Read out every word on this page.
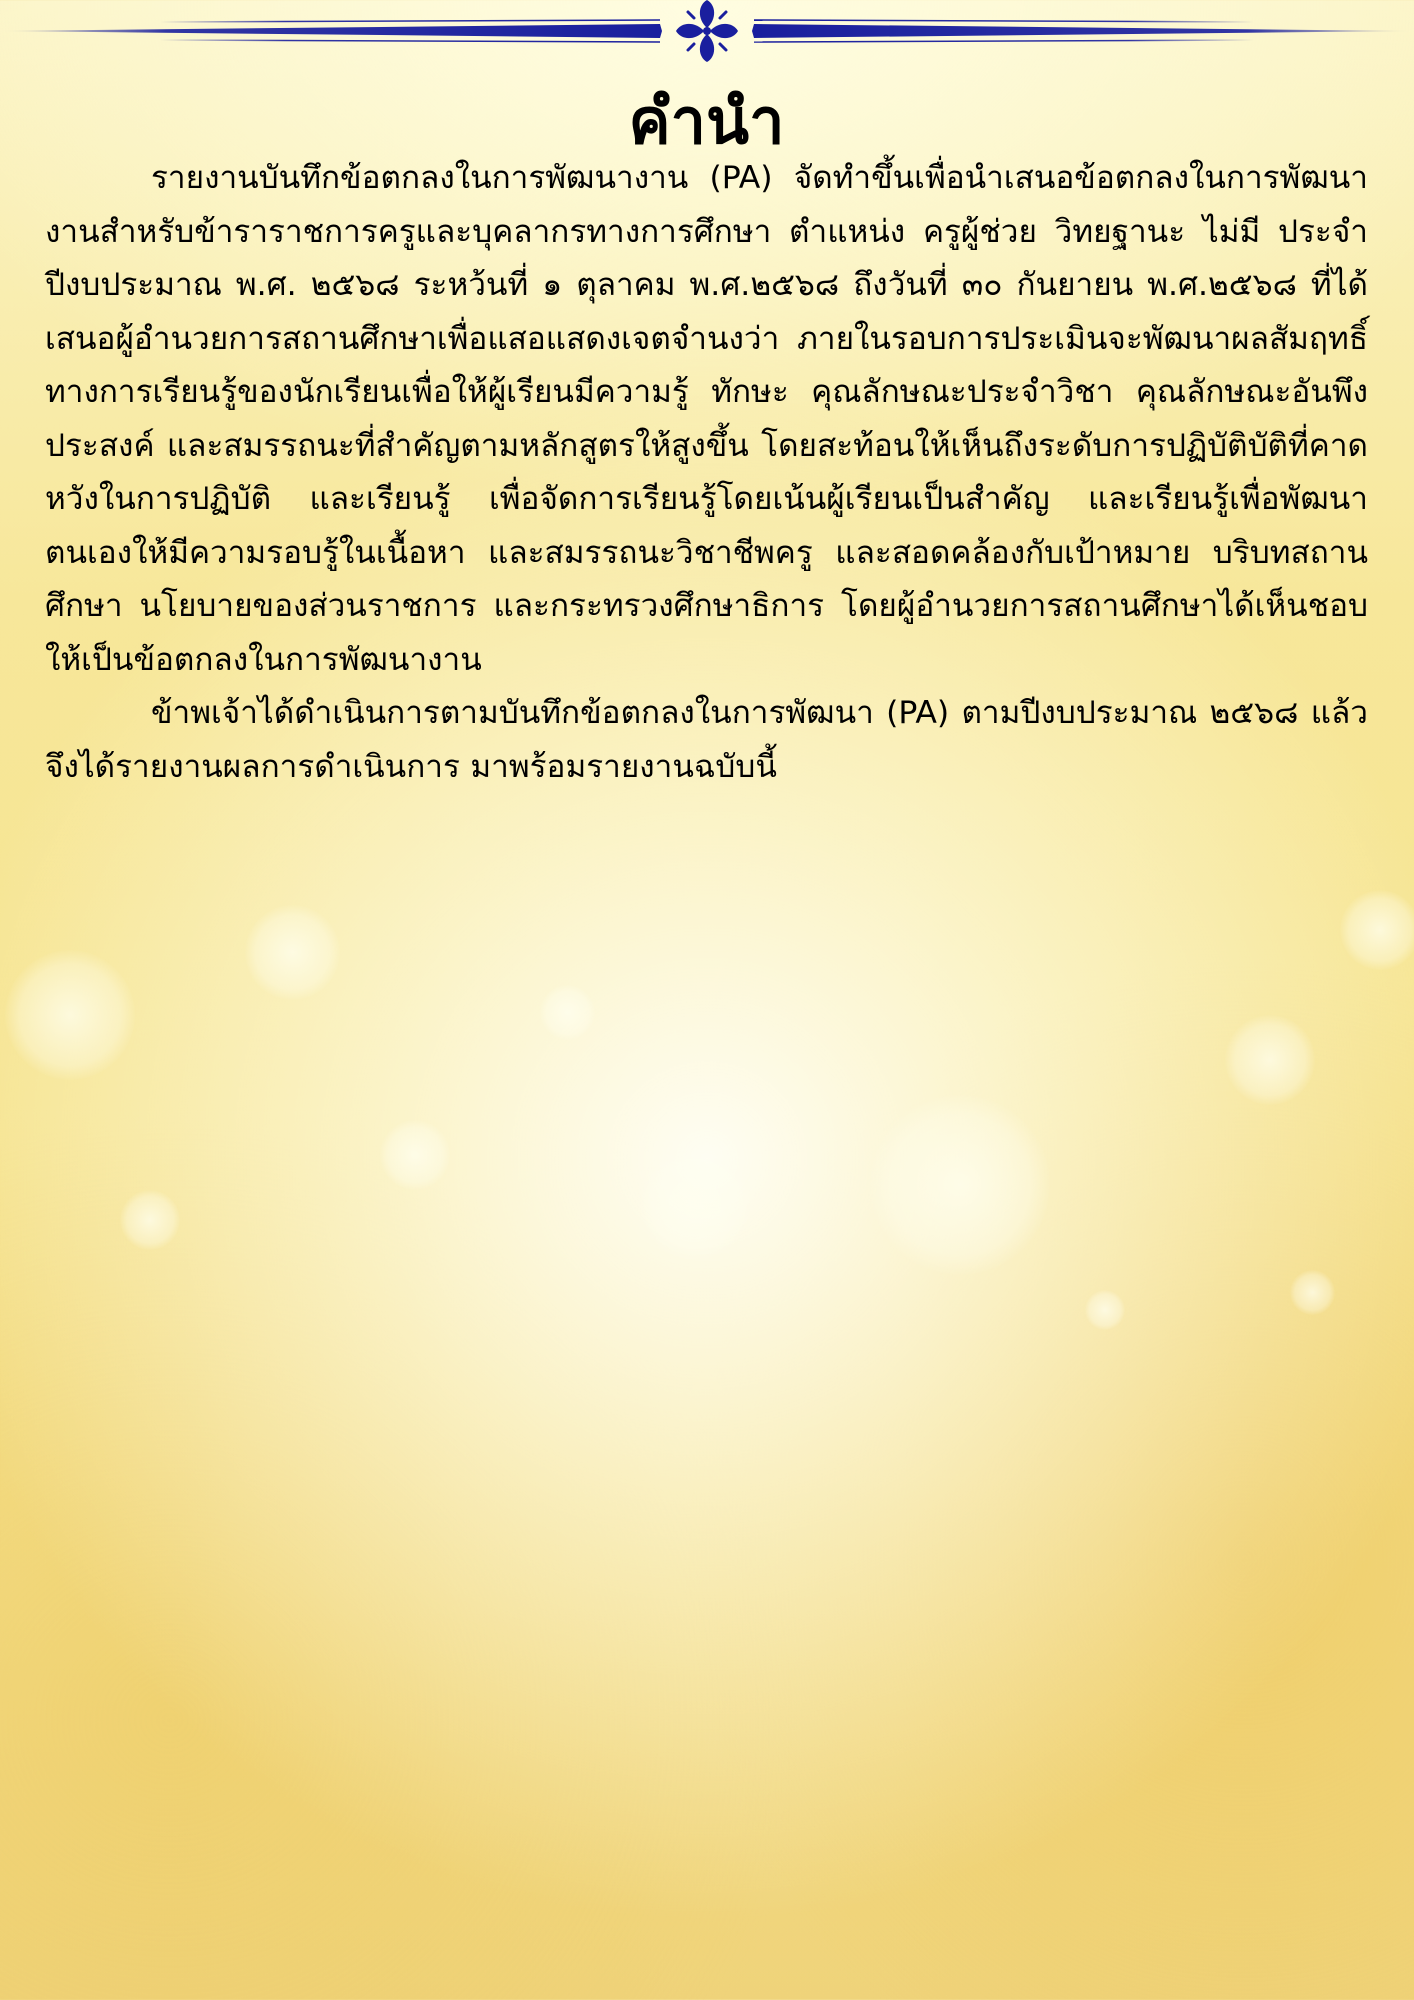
คำนำ

รายงานบันทึกข้อตกลงในการพัฒนางาน (PA) จัดทำขึ้นเพื่อนำเสนอข้อตกลงในการพัฒนางานสำหรับข้าราราชการครูและบุคลากรทางการศึกษา ตำแหน่ง ครูผู้ช่วย วิทยฐานะ ไม่มี ประจำปีงบประมาณ พ.ศ. ๒๕๖๘ ระหว้นที่ ๑ ตุลาคม พ.ศ.๒๕๖๘ ถึงวันที่ ๓๐ กันยายน พ.ศ.๒๕๖๘ ที่ได้เสนอผู้อำนวยการสถานศึกษาเพื่อแสอแสดงเจตจำนงว่า ภายในรอบการประเมินจะพัฒนาผลสัมฤทธิ์ทางการเรียนรู้ของนักเรียนเพื่อให้ผู้เรียนมีความรู้ ทักษะ คุณลักษณะประจำวิชา คุณลักษณะอันพึงประสงค์ และสมรรถนะที่สำคัญตามหลักสูตรให้สูงขึ้น โดยสะท้อนให้เห็นถึงระดับการปฏิบัติบัติที่คาดหวังในการปฏิบัติ และเรียนรู้ เพื่อจัดการเรียนรู้โดยเน้นผู้เรียนเป็นสำคัญ และเรียนรู้เพื่อพัฒนาตนเองให้มีความรอบรู้ในเนื้อหา และสมรรถนะวิชาชีพครู และสอดคล้องกับเป้าหมาย บริบทสถานศึกษา นโยบายของส่วนราชการ และกระทรวงศึกษาธิการ โดยผู้อำนวยการสถานศึกษาได้เห็นชอบให้เป็นข้อตกลงในการพัฒนางาน

ข้าพเจ้าได้ดำเนินการตามบันทึกข้อตกลงในการพัฒนา (PA) ตามปีงบประมาณ ๒๕๖๘ แล้ว จึงได้รายงานผลการดำเนินการ มาพร้อมรายงานฉบับนี้
